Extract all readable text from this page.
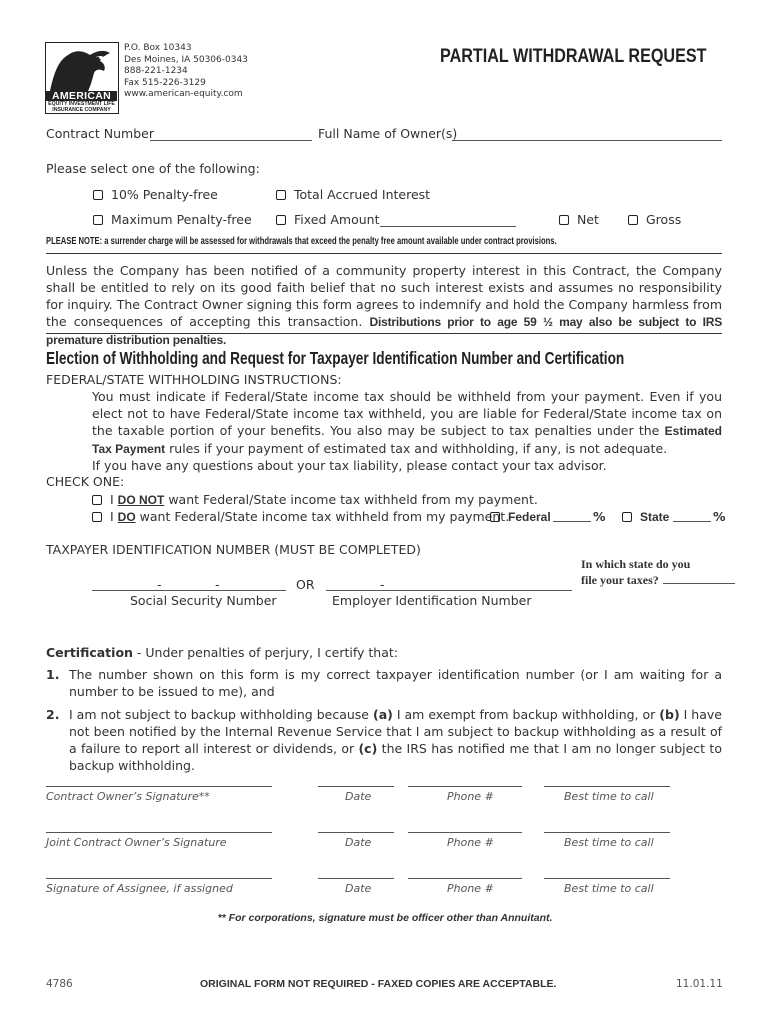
AMERICAN
EQUITY INVESTMENT LIFE
INSURANCE COMPANY
P.O. Box 10343
Des Moines, IA 50306-0343
888-221-1234
Fax 515-226-3129
www.american-equity.com
PARTIAL WITHDRAWAL REQUEST
Contract Number	Full Name of Owner(s)
Please select one of the following:
10% Penalty-free	Total Accrued Interest
Maximum Penalty-free	Fixed Amount	Net	Gross
PLEASE NOTE: a surrender charge will be assessed for withdrawals that exceed the penalty free amount available under contract provisions.
Unless the Company has been notified of a community property interest in this Contract, the Company shall be entitled to rely on its good faith belief that no such interest exists and assumes no responsibility for inquiry. The Contract Owner signing this form agrees to indemnify and hold the Company harmless from the consequences of accepting this transaction. Distributions prior to age 59 ½ may also be subject to IRS premature distribution penalties.
Election of Withholding and Request for Taxpayer Identification Number and Certification
FEDERAL/STATE WITHHOLDING INSTRUCTIONS:
You must indicate if Federal/State income tax should be withheld from your payment. Even if you elect not to have Federal/State income tax withheld, you are liable for Federal/State income tax on the taxable portion of your benefits. You also may be subject to tax penalties under the Estimated Tax Payment rules if your payment of estimated tax and withholding, if any, is not adequate.
If you have any questions about your tax liability, please contact your tax advisor.
CHECK ONE:
I DO NOT want Federal/State income tax withheld from my payment.
I DO want Federal/State income tax withheld from my payment.
Federal	%	State	%
TAXPAYER IDENTIFICATION NUMBER (MUST BE COMPLETED)
-	-	OR	-
Social Security Number	Employer Identification Number
In which state do you
file your taxes?
Certification - Under penalties of perjury, I certify that:
1. The number shown on this form is my correct taxpayer identification number (or I am waiting for a number to be issued to me), and
2. I am not subject to backup withholding because (a) I am exempt from backup withholding, or (b) I have not been notified by the Internal Revenue Service that I am subject to backup withholding as a result of a failure to report all interest or dividends, or (c) the IRS has notified me that I am no longer subject to backup withholding.
Contract Owner’s Signature**	Date	Phone #	Best time to call
Joint Contract Owner’s Signature	Date	Phone #	Best time to call
Signature of Assignee, if assigned	Date	Phone #	Best time to call
** For corporations, signature must be officer other than Annuitant.
4786	ORIGINAL FORM NOT REQUIRED - FAXED COPIES ARE ACCEPTABLE.	11.01.11
